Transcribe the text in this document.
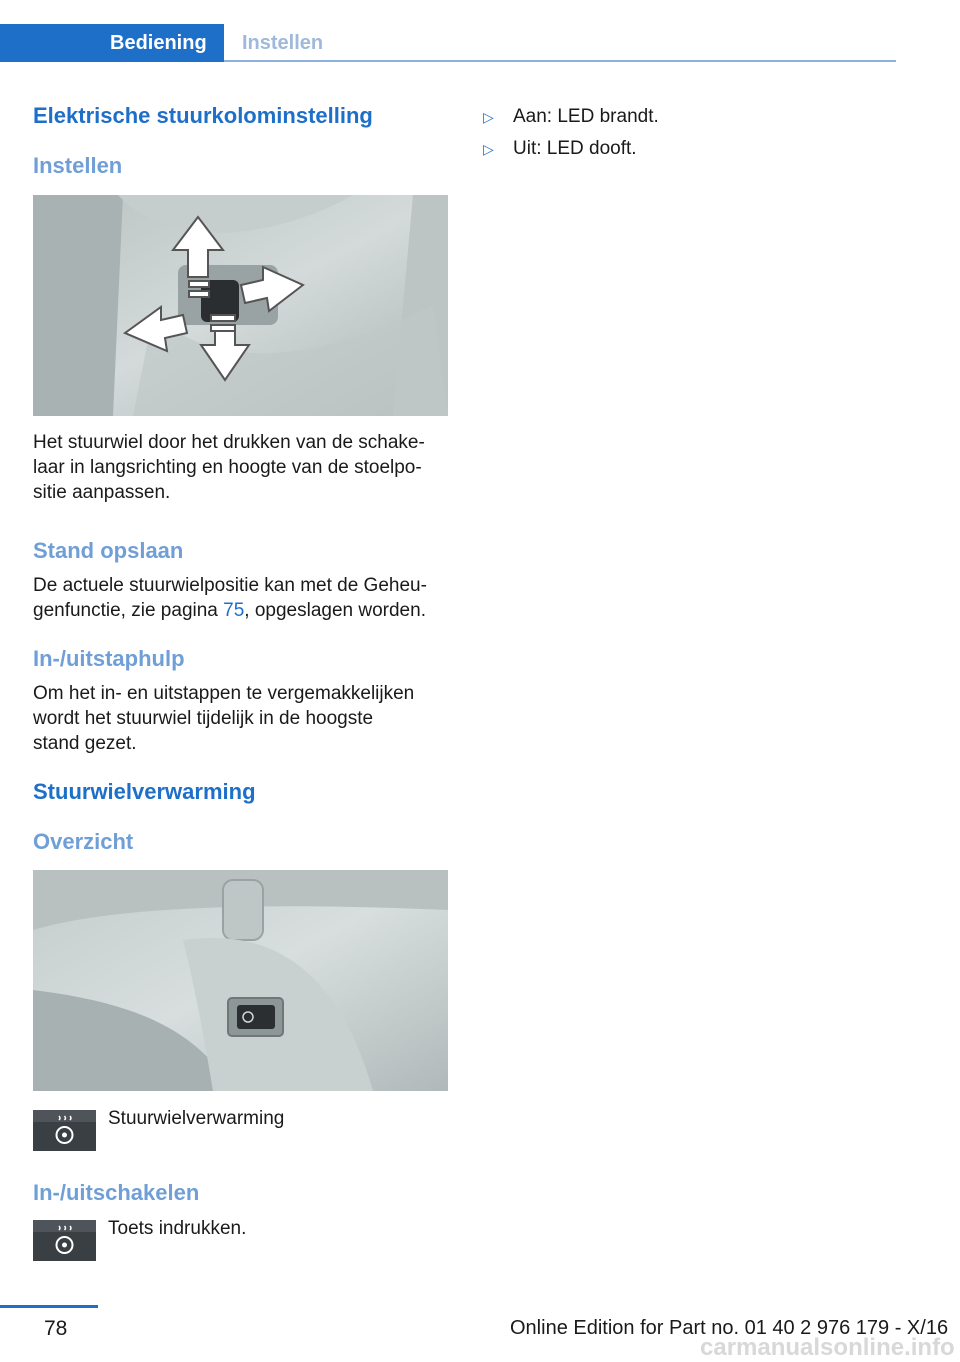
Bediening	Instellen
Elektrische stuurkolominstelling
Instellen
Het stuurwiel door het drukken van de schake-
laar in langsrichting en hoogte van de stoelpo-
sitie aanpassen.
Stand opslaan
De actuele stuurwielpositie kan met de Geheu-
genfunctie, zie pagina 75, opgeslagen worden.
In-/uitstaphulp
Om het in- en uitstappen te vergemakkelijken
wordt het stuurwiel tijdelijk in de hoogste
stand gezet.
Stuurwielverwarming
Overzicht
Stuurwielverwarming
In-/uitschakelen
Toets indrukken.
▷	Aan: LED brandt.
▷	Uit: LED dooft.
78	Online Edition for Part no. 01 40 2 976 179 - X/16
carmanualsonline.info
